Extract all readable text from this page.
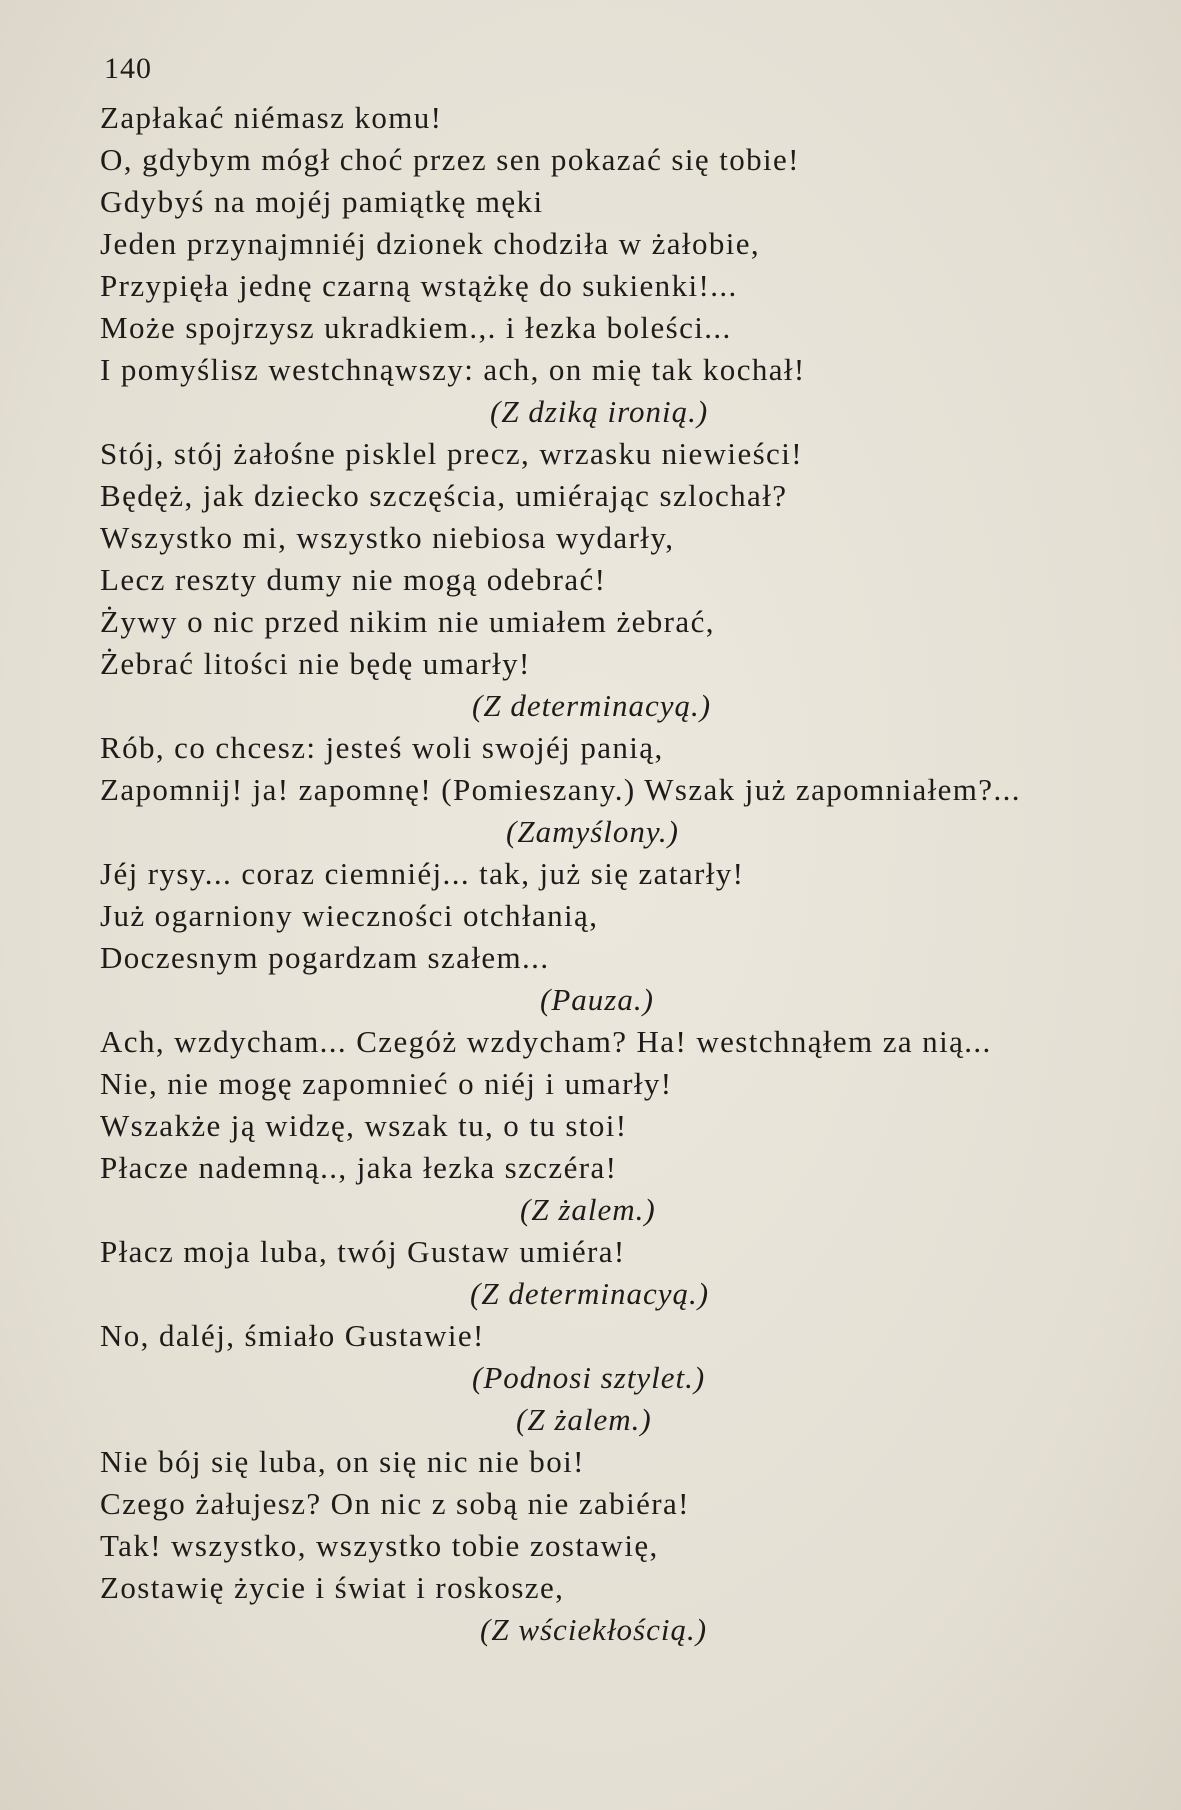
140
Zapłakać niémasz komu!
O, gdybym mógł choć przez sen pokazać się tobie!
Gdybyś na mojéj pamiątkę męki
Jeden przynajmniéj dzionek chodziła w żałobie,
Przypięła jednę czarną wstążkę do sukienki!...
Może spojrzysz ukradkiem.,. i łezka boleści...
I pomyślisz westchnąwszy: ach, on mię tak kochał!
(Z dziką ironią.)
Stój, stój żałośne pisklel precz, wrzasku niewieści!
Będęż, jak dziecko szczęścia, umiérając szlochał?
Wszystko mi, wszystko niebiosa wydarły,
Lecz reszty dumy nie mogą odebrać!
Żywy o nic przed nikim nie umiałem żebrać,
Żebrać litości nie będę umarły!
(Z determinacyą.)
Rób, co chcesz: jesteś woli swojéj panią,
Zapomnij! ja! zapomnę! (Pomieszany.) Wszak już zapomniałem?...
(Zamyślony.)
Jéj rysy... coraz ciemniéj... tak, już się zatarły!
Już ogarniony wieczności otchłanią,
Doczesnym pogardzam szałem...
(Pauza.)
Ach, wzdycham... Czegóż wzdycham? Ha! westchnąłem za nią...
Nie, nie mogę zapomnieć o niéj i umarły!
Wszakże ją widzę, wszak tu, o tu stoi!
Płacze nademną.., jaka łezka szczéra!
(Z żalem.)
Płacz moja luba, twój Gustaw umiéra!
(Z determinacyą.)
No, daléj, śmiało Gustawie!
(Podnosi sztylet.)
(Z żalem.)
Nie bój się luba, on się nic nie boi!
Czego żałujesz? On nic z sobą nie zabiéra!
Tak! wszystko, wszystko tobie zostawię,
Zostawię życie i świat i roskosze,
(Z wściekłością.)
